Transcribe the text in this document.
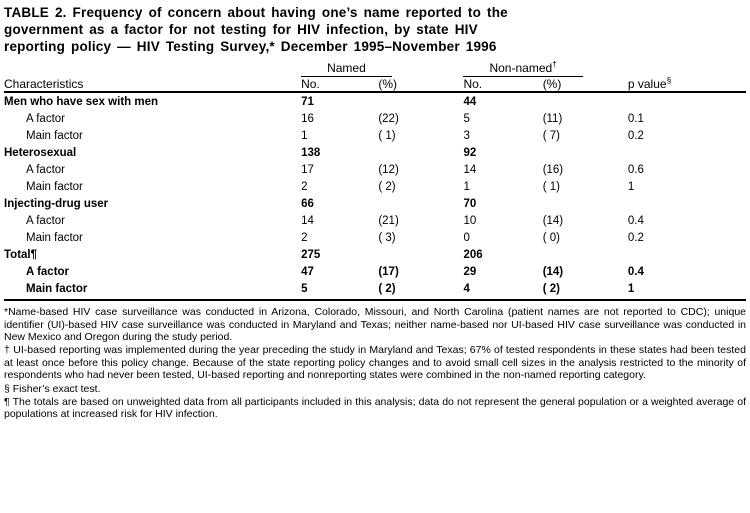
TABLE 2. Frequency of concern about having one’s name reported to the
government as a factor for not testing for HIV infection, by state HIV
reporting policy — HIV Testing Survey,* December 1995–November 1996
	Named		Non-named†	
Characteristics	No.	(%)	No.	(%)	p value§
Men who have sex with men	71		44		
A factor	16	(22)	5	(11)	0.1
Main factor	1	( 1)	3	( 7)	0.2
Heterosexual	138		92		
A factor	17	(12)	14	(16)	0.6
Main factor	2	( 2)	1	( 1)	1
Injecting-drug user	66		70		
A factor	14	(21)	10	(14)	0.4
Main factor	2	( 3)	0	( 0)	0.2
Total¶	275		206		
A factor	47	(17)	29	(14)	0.4
Main factor	5	( 2)	4	( 2)	1

*Name-based HIV case surveillance was conducted in Arizona, Colorado, Missouri, and North Carolina (patient names are not reported to CDC); unique identifier (UI)-based HIV case surveillance was conducted in Maryland and Texas; neither name-based nor UI-based HIV case surveillance was conducted in New Mexico and Oregon during the study period.

† UI-based reporting was implemented during the year preceding the study in Maryland and Texas; 67% of tested respondents in these states had been tested at least once before this policy change. Because of the state reporting policy changes and to avoid small cell sizes in the analysis restricted to the minority of respondents who had never been tested, UI-based reporting and nonreporting states were combined in the non-named reporting category.

§ Fisher’s exact test.

¶ The totals are based on unweighted data from all participants included in this analysis; data do not represent the general population or a weighted average of populations at increased risk for HIV infection.
